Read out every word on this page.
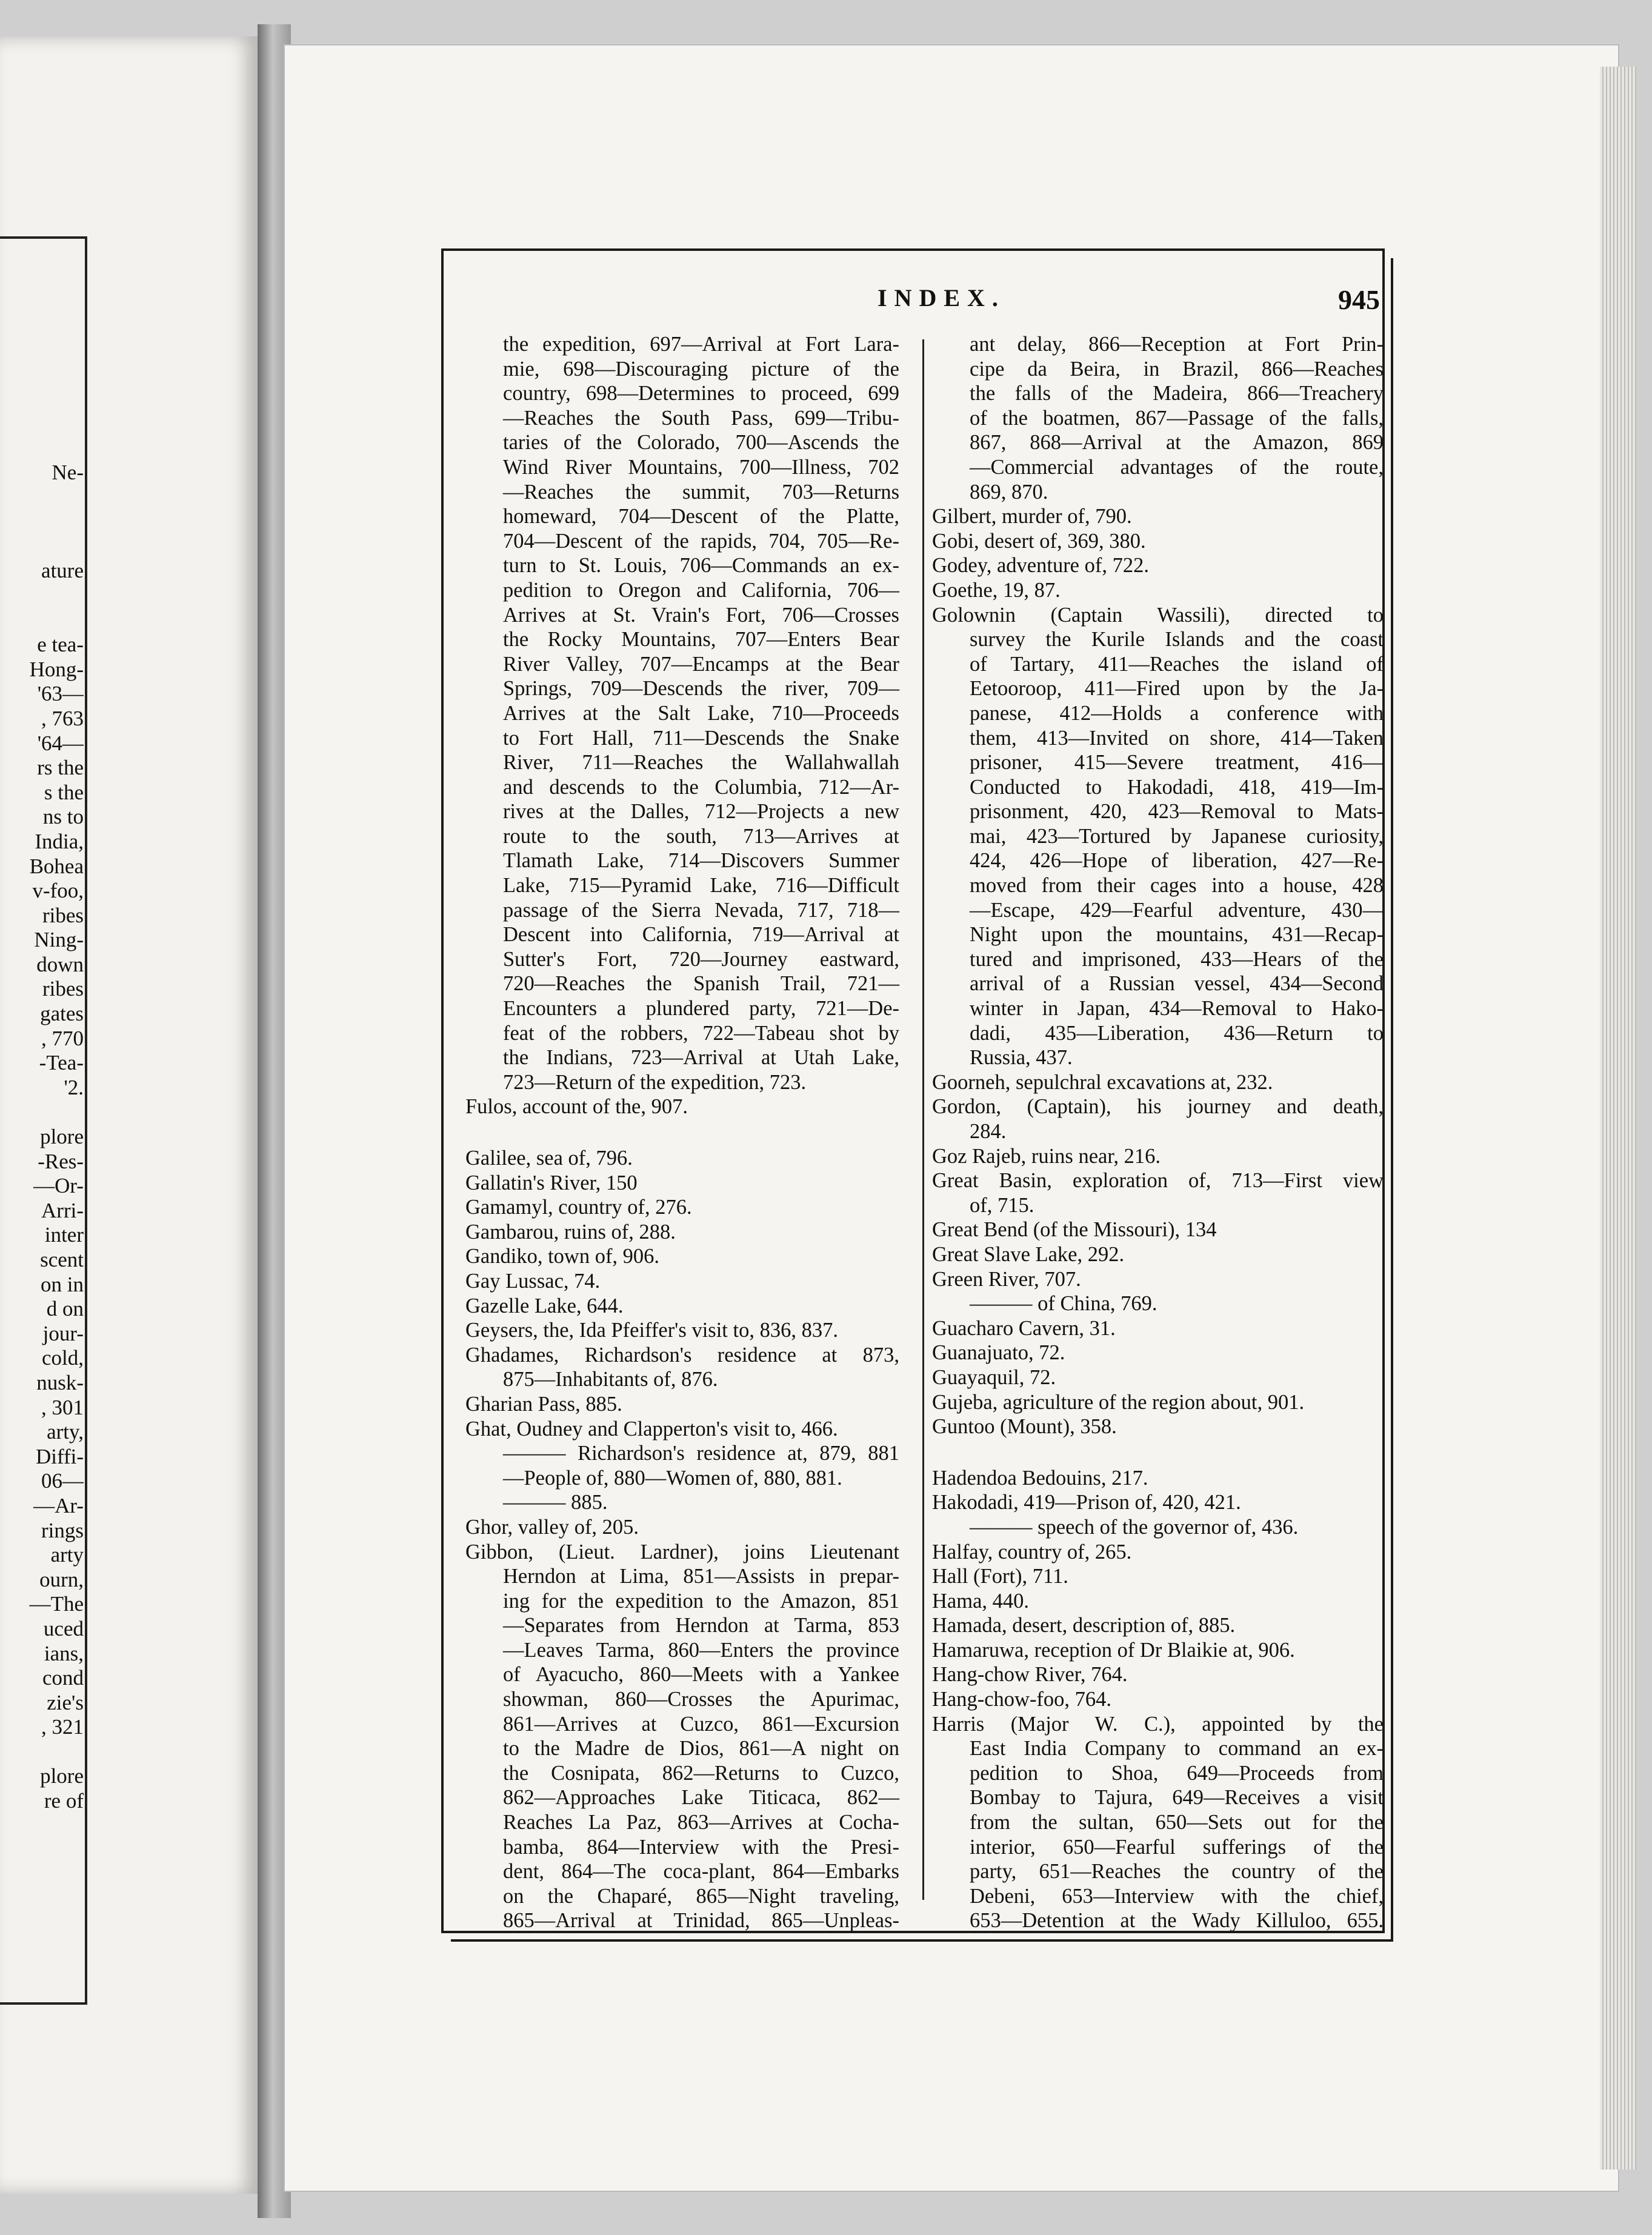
Ne-
ature
e tea-
Hong-
'63—
, 763
'64—
rs the
s the
ns to
India,
Bohea
v-foo,
ribes
Ning-
down
ribes
gates
, 770
-Tea-
'2.
plore
-Res-
—Or-
Arri-
inter
scent
on in
d on
jour-
cold,
nusk-
, 301
arty,
Diffi-
06—
—Ar-
rings
arty
ourn,
—The
uced
ians,
cond
zie's
, 321
plore
re of
INDEX.	945
the expedition, 697—Arrival at Fort Lara-
mie, 698—Discouraging picture of the
country, 698—Determines to proceed, 699
—Reaches the South Pass, 699—Tribu-
taries of the Colorado, 700—Ascends the
Wind River Mountains, 700—Illness, 702
—Reaches the summit, 703—Returns
homeward, 704—Descent of the Platte,
704—Descent of the rapids, 704, 705—Re-
turn to St. Louis, 706—Commands an ex-
pedition to Oregon and California, 706—
Arrives at St. Vrain's Fort, 706—Crosses
the Rocky Mountains, 707—Enters Bear
River Valley, 707—Encamps at the Bear
Springs, 709—Descends the river, 709—
Arrives at the Salt Lake, 710—Proceeds
to Fort Hall, 711—Descends the Snake
River, 711—Reaches the Wallahwallah
and descends to the Columbia, 712—Ar-
rives at the Dalles, 712—Projects a new
route to the south, 713—Arrives at
Tlamath Lake, 714—Discovers Summer
Lake, 715—Pyramid Lake, 716—Difficult
passage of the Sierra Nevada, 717, 718—
Descent into California, 719—Arrival at
Sutter's Fort, 720—Journey eastward,
720—Reaches the Spanish Trail, 721—
Encounters a plundered party, 721—De-
feat of the robbers, 722—Tabeau shot by
the Indians, 723—Arrival at Utah Lake,
723—Return of the expedition, 723.
Fulos, account of the, 907.
Galilee, sea of, 796.
Gallatin's River, 150
Gamamyl, country of, 276.
Gambarou, ruins of, 288.
Gandiko, town of, 906.
Gay Lussac, 74.
Gazelle Lake, 644.
Geysers, the, Ida Pfeiffer's visit to, 836, 837.
Ghadames, Richardson's residence at 873,
875—Inhabitants of, 876.
Gharian Pass, 885.
Ghat, Oudney and Clapperton's visit to, 466.
——— Richardson's residence at, 879, 881
—People of, 880—Women of, 880, 881.
——— 885.
Ghor, valley of, 205.
Gibbon, (Lieut. Lardner), joins Lieutenant
Herndon at Lima, 851—Assists in prepar-
ing for the expedition to the Amazon, 851
—Separates from Herndon at Tarma, 853
—Leaves Tarma, 860—Enters the province
of Ayacucho, 860—Meets with a Yankee
showman, 860—Crosses the Apurimac,
861—Arrives at Cuzco, 861—Excursion
to the Madre de Dios, 861—A night on
the Cosnipata, 862—Returns to Cuzco,
862—Approaches Lake Titicaca, 862—
Reaches La Paz, 863—Arrives at Cocha-
bamba, 864—Interview with the Presi-
dent, 864—The coca-plant, 864—Embarks
on the Chaparé, 865—Night traveling,
865—Arrival at Trinidad, 865—Unpleas-
ant delay, 866—Reception at Fort Prin-
cipe da Beira, in Brazil, 866—Reaches
the falls of the Madeira, 866—Treachery
of the boatmen, 867—Passage of the falls,
867, 868—Arrival at the Amazon, 869
—Commercial advantages of the route,
869, 870.
Gilbert, murder of, 790.
Gobi, desert of, 369, 380.
Godey, adventure of, 722.
Goethe, 19, 87.
Golownin (Captain Wassili), directed to
survey the Kurile Islands and the coast
of Tartary, 411—Reaches the island of
Eetooroop, 411—Fired upon by the Ja-
panese, 412—Holds a conference with
them, 413—Invited on shore, 414—Taken
prisoner, 415—Severe treatment, 416—
Conducted to Hakodadi, 418, 419—Im-
prisonment, 420, 423—Removal to Mats-
mai, 423—Tortured by Japanese curiosity,
424, 426—Hope of liberation, 427—Re-
moved from their cages into a house, 428
—Escape, 429—Fearful adventure, 430—
Night upon the mountains, 431—Recap-
tured and imprisoned, 433—Hears of the
arrival of a Russian vessel, 434—Second
winter in Japan, 434—Removal to Hako-
dadi, 435—Liberation, 436—Return to
Russia, 437.
Goorneh, sepulchral excavations at, 232.
Gordon, (Captain), his journey and death,
284.
Goz Rajeb, ruins near, 216.
Great Basin, exploration of, 713—First view
of, 715.
Great Bend (of the Missouri), 134
Great Slave Lake, 292.
Green River, 707.
——— of China, 769.
Guacharo Cavern, 31.
Guanajuato, 72.
Guayaquil, 72.
Gujeba, agriculture of the region about, 901.
Guntoo (Mount), 358.
Hadendoa Bedouins, 217.
Hakodadi, 419—Prison of, 420, 421.
——— speech of the governor of, 436.
Halfay, country of, 265.
Hall (Fort), 711.
Hama, 440.
Hamada, desert, description of, 885.
Hamaruwa, reception of Dr Blaikie at, 906.
Hang-chow River, 764.
Hang-chow-foo, 764.
Harris (Major W. C.), appointed by the
East India Company to command an ex-
pedition to Shoa, 649—Proceeds from
Bombay to Tajura, 649—Receives a visit
from the sultan, 650—Sets out for the
interior, 650—Fearful sufferings of the
party, 651—Reaches the country of the
Debeni, 653—Interview with the chief,
653—Detention at the Wady Killuloo, 655.
